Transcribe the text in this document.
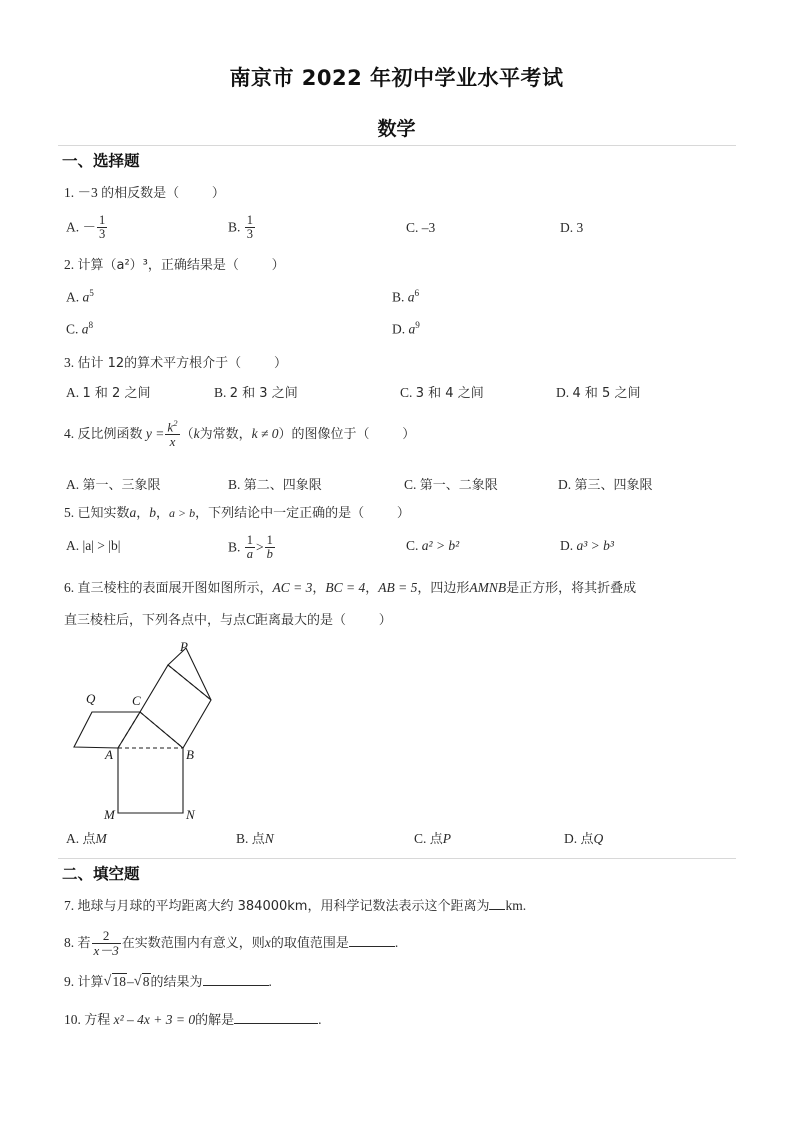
南京市 2022 年初中学业水平考试
数学
一、选择题
1. －3 的相反数是（	）
A. － $\frac{1}{3}$	B. $\frac{1}{3}$	C. –3	D. 3
2. 计算（a²）³，正确结果是（	）
A. $a^5$	B. $a^6$
C. $a^8$	D. $a^9$
3. 估计 12的算术平方根介于（	）
A. 1 和 2 之间	B. 2 和 3 之间	C. 3 和 4 之间	D. 4 和 5 之间
4. 反比例函数 $y = \frac{k^2}{x} (k$为常数，k ≠ 0）的图像位于（	）
A. 第一、三象限	B. 第二、四象限	C. 第一、二象限	D. 第三、四象限
5. 已知实数a，b，a > b，下列结论中一定正确的是（	）
A. |a| > |b|	B. $\frac{1}{a} > \frac{1}{b}$	C. a² > b²	D. a³ > b³
6. 直三棱柱的表面展开图如图所示，AC = 3，BC = 4，AB = 5，四边形AMNB是正方形，将其折叠成
直三棱柱后，下列各点中，与点C距离最大的是（	）
P
Q	C
A	B
M	N
A. 点M	B. 点N	C. 点P	D. 点Q
二、填空题
7. 地球与月球的平均距离大约 384000km，用科学记数法表示这个距离为 km.
8. 若 $\frac{2}{x-3}$ 在实数范围内有意义，则x的取值范围是	.
9. 计算 √ 18– √ 8的结果为	.
10. 方程 x² – 4x + 3 = 0的解是	.
